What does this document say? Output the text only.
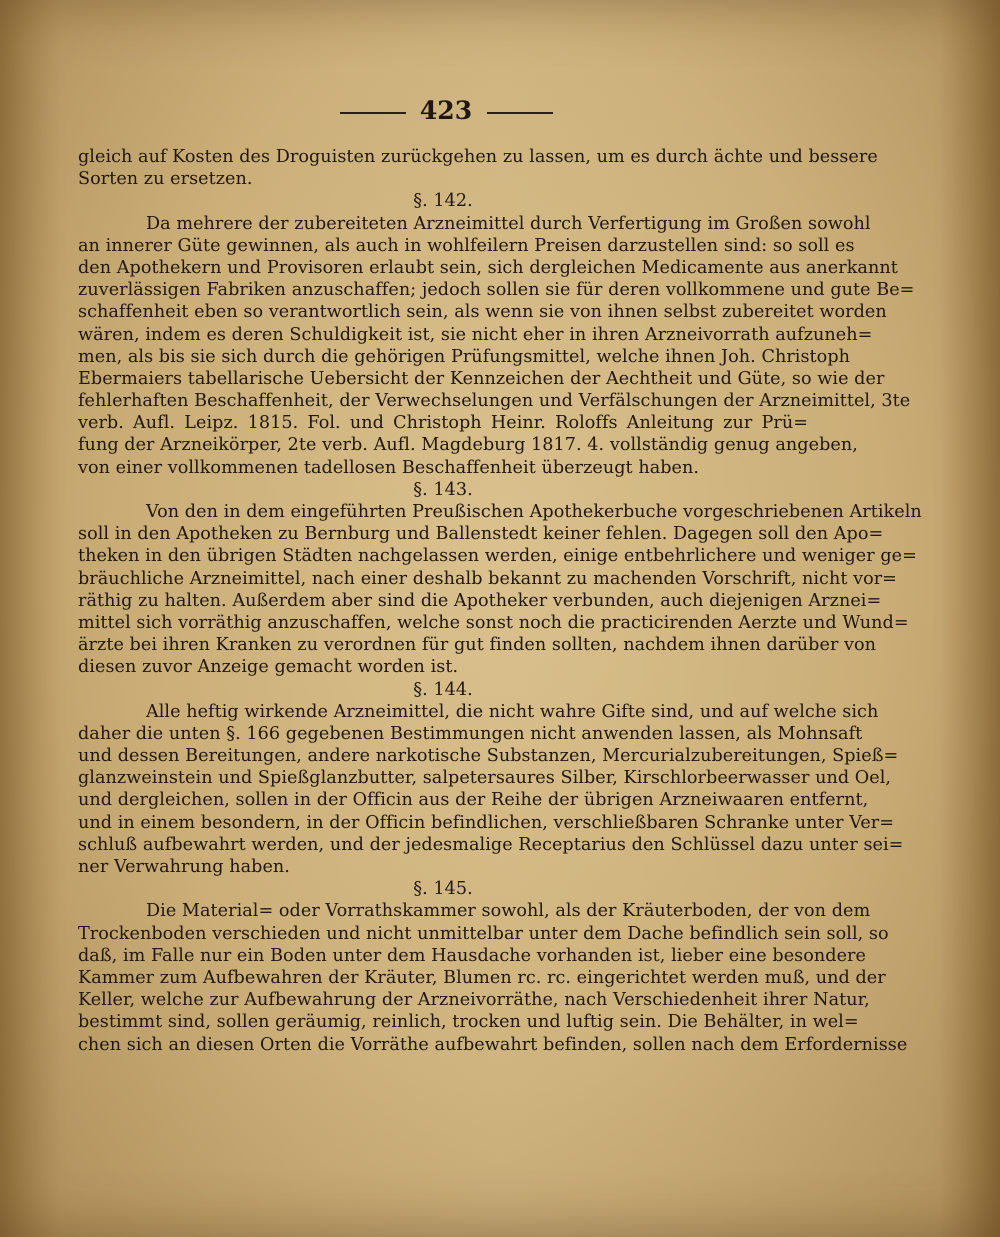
423
gleich auf Kosten des Droguisten zurückgehen zu lassen, um es durch ächte und bessere
Sorten zu ersetzen.
§. 142.
Da mehrere der zubereiteten Arzneimittel durch Verfertigung im Großen sowohl
an innerer Güte gewinnen, als auch in wohlfeilern Preisen darzustellen sind: so soll es
den Apothekern und Provisoren erlaubt sein, sich dergleichen Medicamente aus anerkannt
zuverlässigen Fabriken anzuschaffen; jedoch sollen sie für deren vollkommene und gute Be=
schaffenheit eben so verantwortlich sein, als wenn sie von ihnen selbst zubereitet worden
wären, indem es deren Schuldigkeit ist, sie nicht eher in ihren Arzneivorrath aufzuneh=
men, als bis sie sich durch die gehörigen Prüfungsmittel, welche ihnen Joh. Christoph
Ebermaiers tabellarische Uebersicht der Kennzeichen der Aechtheit und Güte, so wie der
fehlerhaften Beschaffenheit, der Verwechselungen und Verfälschungen der Arzneimittel, 3te
verb. Aufl. Leipz. 1815. Fol. und Christoph Heinr. Roloffs Anleitung zur Prü=
fung der Arzneikörper, 2te verb. Aufl. Magdeburg 1817. 4. vollständig genug angeben,
von einer vollkommenen tadellosen Beschaffenheit überzeugt haben.
§. 143.
Von den in dem eingeführten Preußischen Apothekerbuche vorgeschriebenen Artikeln
soll in den Apotheken zu Bernburg und Ballenstedt keiner fehlen. Dagegen soll den Apo=
theken in den übrigen Städten nachgelassen werden, einige entbehrlichere und weniger ge=
bräuchliche Arzneimittel, nach einer deshalb bekannt zu machenden Vorschrift, nicht vor=
räthig zu halten. Außerdem aber sind die Apotheker verbunden, auch diejenigen Arznei=
mittel sich vorräthig anzuschaffen, welche sonst noch die practicirenden Aerzte und Wund=
ärzte bei ihren Kranken zu verordnen für gut finden sollten, nachdem ihnen darüber von
diesen zuvor Anzeige gemacht worden ist.
§. 144.
Alle heftig wirkende Arzneimittel, die nicht wahre Gifte sind, und auf welche sich
daher die unten §. 166 gegebenen Bestimmungen nicht anwenden lassen, als Mohnsaft
und dessen Bereitungen, andere narkotische Substanzen, Mercurialzubereitungen, Spieß=
glanzweinstein und Spießglanzbutter, salpetersaures Silber, Kirschlorbeerwasser und Oel,
und dergleichen, sollen in der Officin aus der Reihe der übrigen Arzneiwaaren entfernt,
und in einem besondern, in der Officin befindlichen, verschließbaren Schranke unter Ver=
schluß aufbewahrt werden, und der jedesmalige Receptarius den Schlüssel dazu unter sei=
ner Verwahrung haben.
§. 145.
Die Material= oder Vorrathskammer sowohl, als der Kräuterboden, der von dem
Trockenboden verschieden und nicht unmittelbar unter dem Dache befindlich sein soll, so
daß, im Falle nur ein Boden unter dem Hausdache vorhanden ist, lieber eine besondere
Kammer zum Aufbewahren der Kräuter, Blumen rc. rc. eingerichtet werden muß, und der
Keller, welche zur Aufbewahrung der Arzneivorräthe, nach Verschiedenheit ihrer Natur,
bestimmt sind, sollen geräumig, reinlich, trocken und luftig sein. Die Behälter, in wel=
chen sich an diesen Orten die Vorräthe aufbewahrt befinden, sollen nach dem Erfordernisse
